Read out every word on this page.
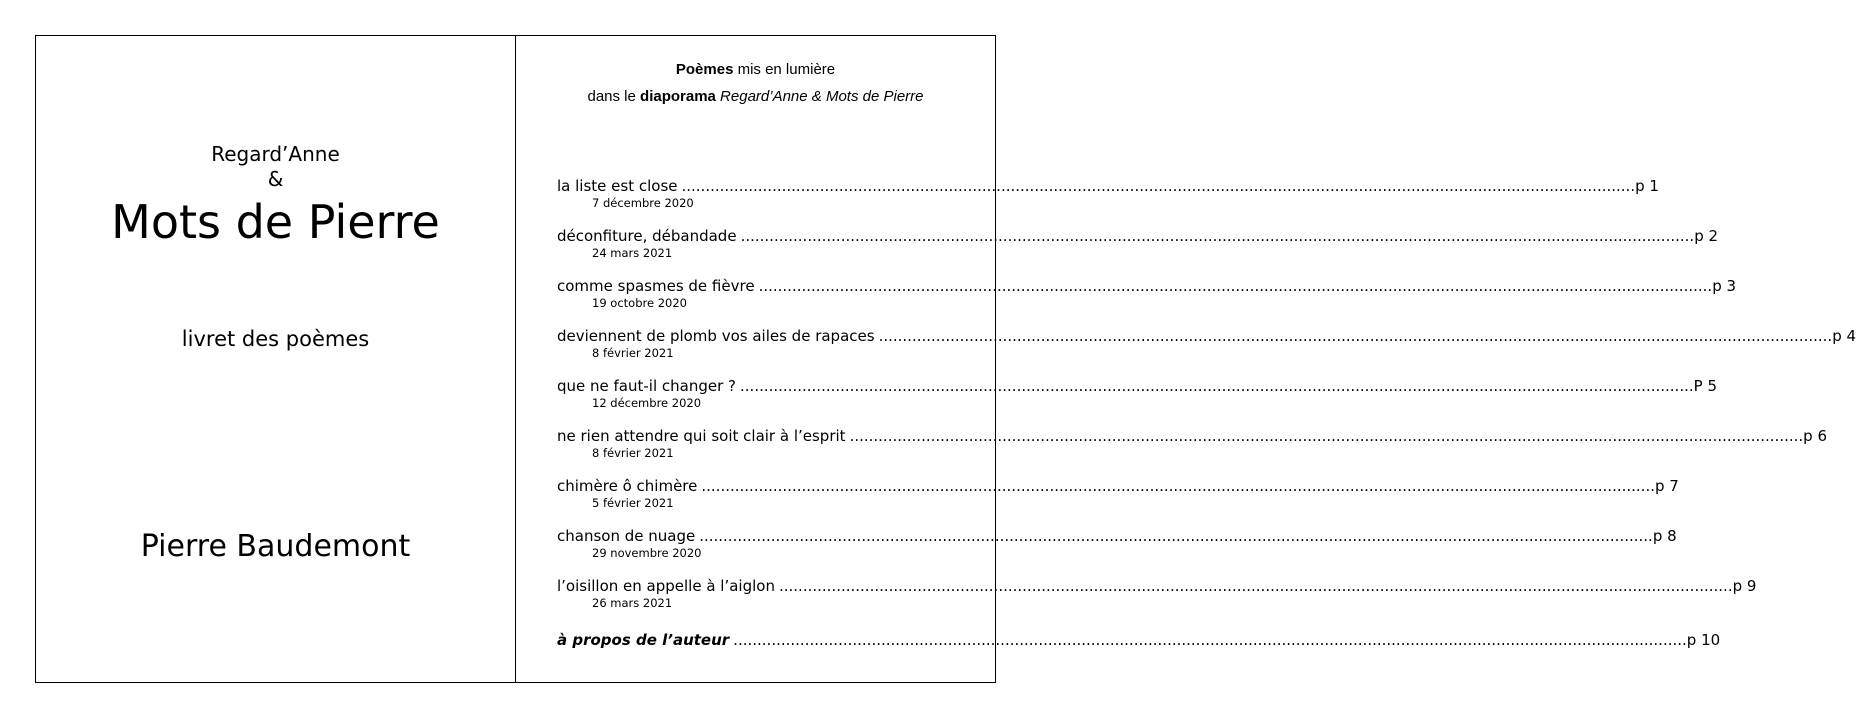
Regard’Anne
&
Mots de Pierre
livret des poèmes
Pierre Baudemont
Poèmes mis en lumière
dans le diaporama Regard’Anne & Mots de Pierre
la liste est close ........................................................................................................................................................................................................ p 1
7 décembre 2020
déconfiture, débandade ........................................................................................................................................................................................................ p 2
24 mars 2021
comme spasmes de fièvre ........................................................................................................................................................................................................ p 3
19 octobre 2020
deviennent de plomb vos ailes de rapaces ........................................................................................................................................................................................................ p 4
8 février 2021
que ne faut-il changer ? ........................................................................................................................................................................................................ P 5
12 décembre 2020
ne rien attendre qui soit clair à l’esprit ........................................................................................................................................................................................................ p 6
8 février 2021
chimère ô chimère ........................................................................................................................................................................................................ p 7
5 février 2021
chanson de nuage ........................................................................................................................................................................................................ p 8
29 novembre 2020
l’oisillon en appelle à l’aiglon ........................................................................................................................................................................................................ p 9
26 mars 2021
à propos de l’auteur ........................................................................................................................................................................................................ p 10
